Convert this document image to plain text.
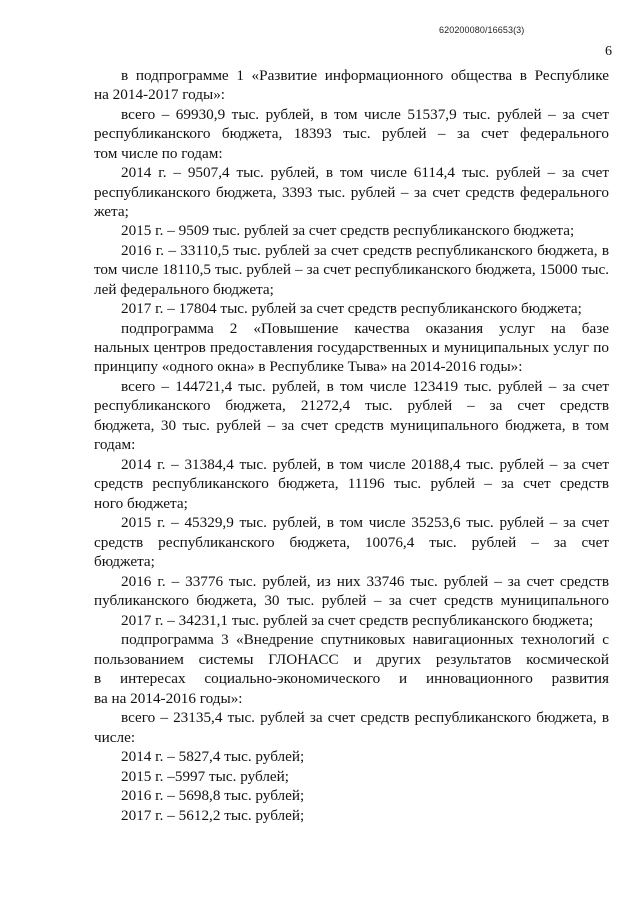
620200080/16653(3)
6
в подпрограмме 1 «Развитие информационного общества в Республике
на 2014-2017 годы»:
всего – 69930,9 тыс. рублей, в том числе 51537,9 тыс. рублей – за счет
республиканского бюджета, 18393 тыс. рублей – за счет федерального
том числе по годам:
2014 г. – 9507,4 тыс. рублей, в том числе 6114,4 тыс. рублей – за счет
республиканского бюджета, 3393 тыс. рублей – за счет средств федерального
жета;
2015 г. – 9509 тыс. рублей за счет средств республиканского бюджета;
2016 г. – 33110,5 тыс. рублей за счет средств республиканского бюджета, в
том числе 18110,5 тыс. рублей – за счет республиканского бюджета, 15000 тыс.
лей федерального бюджета;
2017 г. – 17804 тыс. рублей за счет средств республиканского бюджета;
подпрограмма 2 «Повышение качества оказания услуг на базе
нальных центров предоставления государственных и муниципальных услуг по
принципу «одного окна» в Республике Тыва» на 2014-2016 годы»:
всего – 144721,4 тыс. рублей, в том числе 123419 тыс. рублей – за счет
республиканского бюджета, 21272,4 тыс. рублей – за счет средств
бюджета, 30 тыс. рублей – за счет средств муниципального бюджета, в том
годам:
2014 г. – 31384,4 тыс. рублей, в том числе 20188,4 тыс. рублей – за счет
средств республиканского бюджета, 11196 тыс. рублей – за счет средств
ного бюджета;
2015 г. – 45329,9 тыс. рублей, в том числе 35253,6 тыс. рублей – за счет
средств республиканского бюджета, 10076,4 тыс. рублей – за счет
бюджета;
2016 г. – 33776 тыс. рублей, из них 33746 тыс. рублей – за счет средств
публиканского бюджета, 30 тыс. рублей – за счет средств муниципального
2017 г. – 34231,1 тыс. рублей за счет средств республиканского бюджета;
подпрограмма 3 «Внедрение спутниковых навигационных технологий с
пользованием системы ГЛОНАСС и других результатов космической
в интересах социально-экономического и инновационного развития
ва на 2014-2016 годы»:
всего – 23135,4 тыс. рублей за счет средств республиканского бюджета, в
числе:
2014 г. – 5827,4 тыс. рублей;
2015 г. –5997 тыс. рублей;
2016 г. – 5698,8 тыс. рублей;
2017 г. – 5612,2 тыс. рублей;
